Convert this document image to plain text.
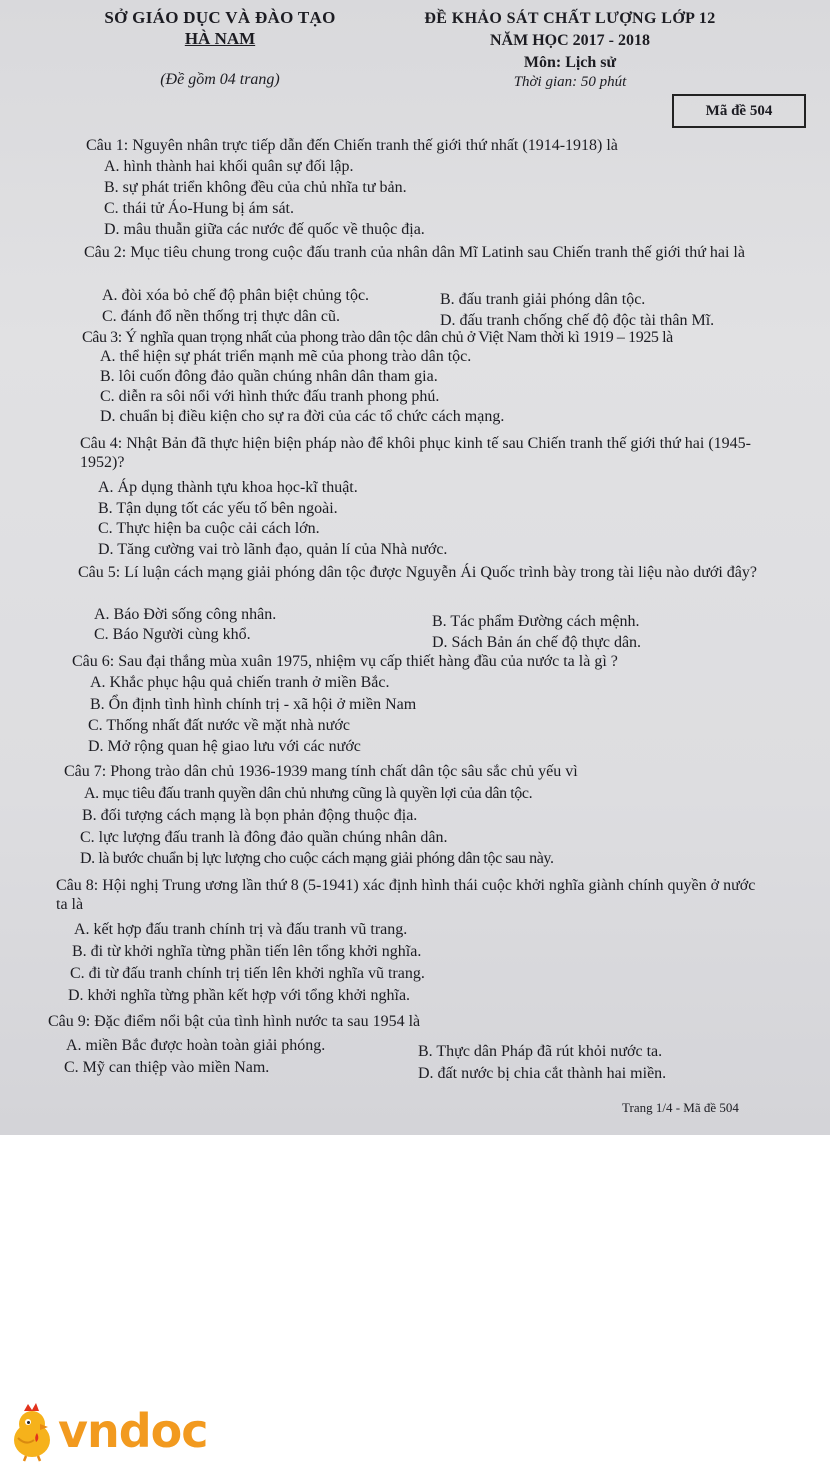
SỞ GIÁO DỤC VÀ ĐÀO TẠO
HÀ NAM
(Đề gồm 04 trang)
ĐỀ KHẢO SÁT CHẤT LƯỢNG LỚP 12
NĂM HỌC 2017 - 2018
Môn: Lịch sử
Thời gian: 50 phút
Mã đề 504
Câu 1: Nguyên nhân trực tiếp dẫn đến Chiến tranh thế giới thứ nhất (1914-1918) là
A. hình thành hai khối quân sự đối lập.
B. sự phát triển không đều của chủ nhĩa tư bản.
C. thái tử Áo-Hung bị ám sát.
D. mâu thuẫn giữa các nước đế quốc về thuộc địa.
Câu 2: Mục tiêu chung trong cuộc đấu tranh của nhân dân Mĩ Latinh sau Chiến tranh thế giới thứ hai là
A. đòi xóa bỏ chế độ phân biệt chủng tộc.	B. đấu tranh giải phóng dân tộc.
C. đánh đổ nền thống trị thực dân cũ.	D. đấu tranh chống chế độ độc tài thân Mĩ.
Câu 3: Ý nghĩa quan trọng nhất của phong trào dân tộc dân chủ ở Việt Nam thời kì 1919 – 1925 là
A. thể hiện sự phát triển mạnh mẽ của phong trào dân tộc.
B. lôi cuốn đông đảo quần chúng nhân dân tham gia.
C. diễn ra sôi nổi với hình thức đấu tranh phong phú.
D. chuẩn bị điều kiện cho sự ra đời của các tổ chức cách mạng.
Câu 4: Nhật Bản đã thực hiện biện pháp nào để khôi phục kinh tế sau Chiến tranh thế giới thứ hai (1945-1952)?
A. Áp dụng thành tựu khoa học-kĩ thuật.
B. Tận dụng tốt các yếu tố bên ngoài.
C. Thực hiện ba cuộc cải cách lớn.
D. Tăng cường vai trò lãnh đạo, quản lí của Nhà nước.
Câu 5: Lí luận cách mạng giải phóng dân tộc được Nguyễn Ái Quốc trình bày trong tài liệu nào dưới đây?
A. Báo Đời sống công nhân.	B. Tác phẩm Đường cách mệnh.
C. Báo Người cùng khổ.	D. Sách Bản án chế độ thực dân.
Câu 6: Sau đại thắng mùa xuân 1975, nhiệm vụ cấp thiết hàng đầu của nước ta là gì ?
A. Khắc phục hậu quả chiến tranh ở miền Bắc.
B. Ổn định tình hình chính trị - xã hội ở miền Nam
C. Thống nhất đất nước về mặt nhà nước
D. Mở rộng quan hệ giao lưu với các nước
Câu 7: Phong trào dân chủ 1936-1939 mang tính chất dân tộc sâu sắc chủ yếu vì
A. mục tiêu đấu tranh quyền dân chủ nhưng cũng là quyền lợi của dân tộc.
B. đối tượng cách mạng là bọn phản động thuộc địa.
C. lực lượng đấu tranh là đông đảo quần chúng nhân dân.
D. là bước chuẩn bị lực lượng cho cuộc cách mạng giải phóng dân tộc sau này.
Câu 8: Hội nghị Trung ương lần thứ 8 (5-1941) xác định hình thái cuộc khởi nghĩa giành chính quyền ở nước ta là
A. kết hợp đấu tranh chính trị và đấu tranh vũ trang.
B. đi từ khởi nghĩa từng phần tiến lên tổng khởi nghĩa.
C. đi từ đấu tranh chính trị tiến lên khởi nghĩa vũ trang.
D. khởi nghĩa từng phần kết hợp với tổng khởi nghĩa.
Câu 9: Đặc điểm nổi bật của tình hình nước ta sau 1954 là
A. miền Bắc được hoàn toàn giải phóng.	B. Thực dân Pháp đã rút khỏi nước ta.
C. Mỹ can thiệp vào miền Nam.	D. đất nước bị chia cắt thành hai miền.
Trang 1/4 - Mã đề 504
vndoc
